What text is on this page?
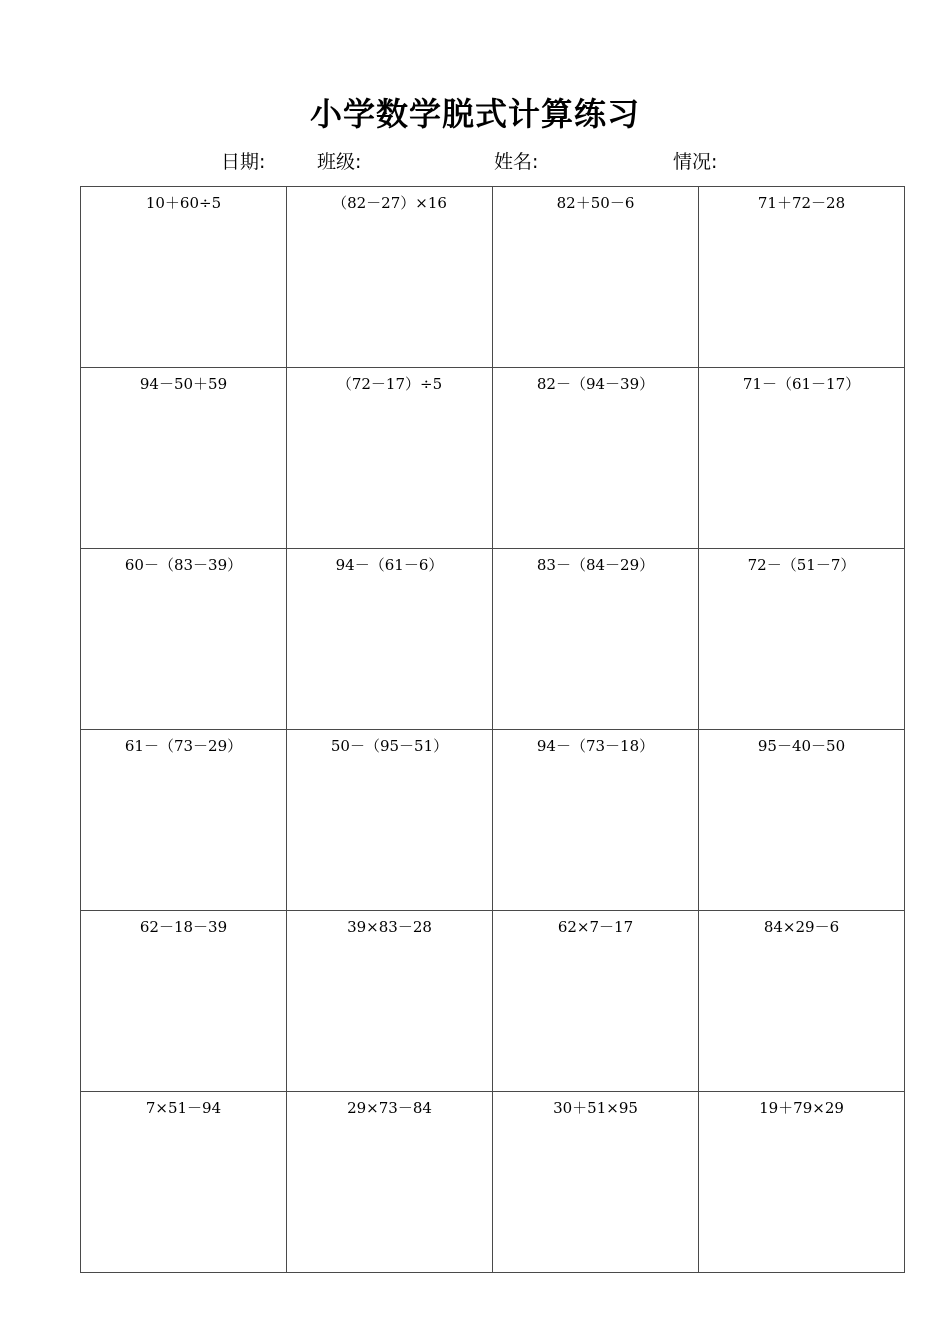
小学数学脱式计算练习
日期:	班级:	姓名:	情况:
10＋60÷5	（82－27）×16	82＋50－6	71＋72－28
94－50＋59	（72－17）÷5	82－（94－39）	71－（61－17）
60－（83－39）	94－（61－6）	83－（84－29）	72－（51－7）
61－（73－29）	50－（95－51）	94－（73－18）	95－40－50
62－18－39	39×83－28	62×7－17	84×29－6
7×51－94	29×73－84	30＋51×95	19＋79×29
